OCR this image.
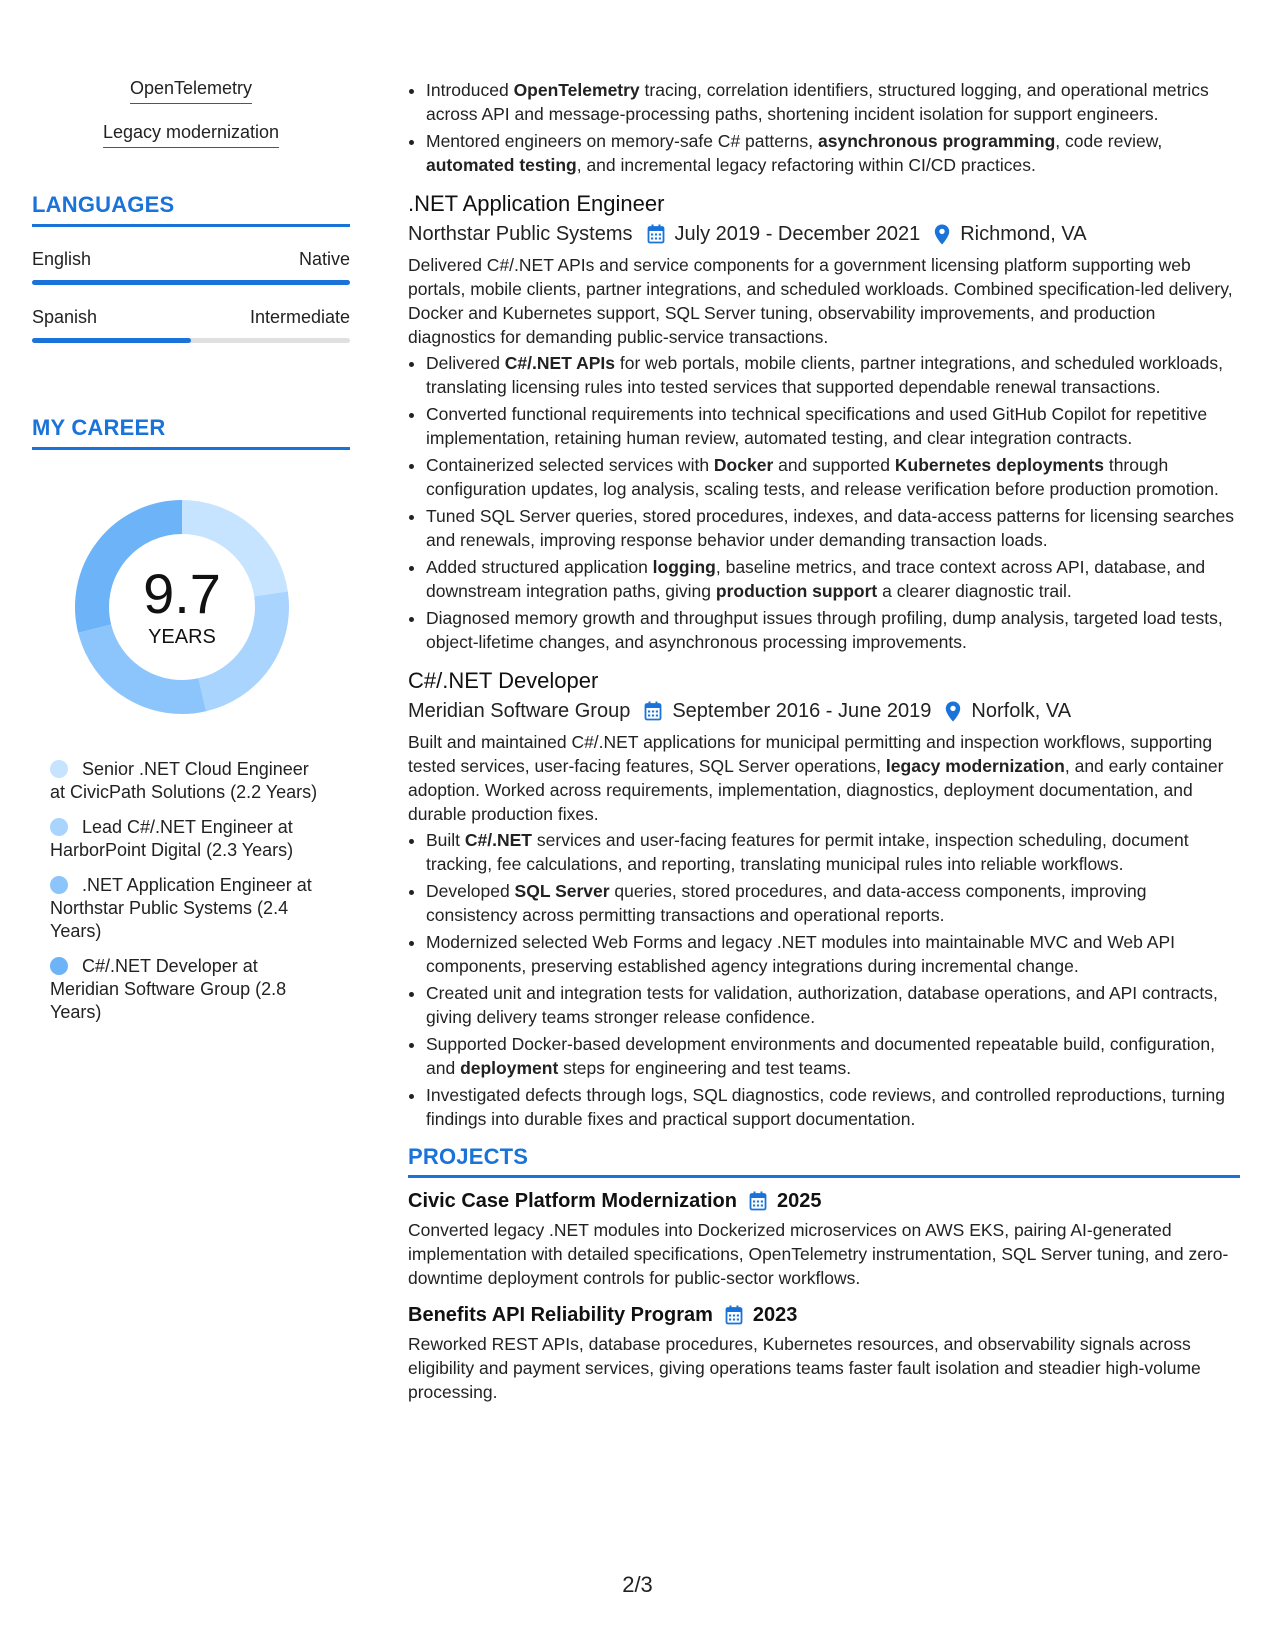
OpenTelemetry
Legacy modernization
LANGUAGES
English	Native
Spanish	Intermediate
MY CAREER
9.7
YEARS
Senior .NET Cloud Engineer at CivicPath Solutions (2.2 Years)
Lead C#/.NET Engineer at HarborPoint Digital (2.3 Years)
.NET Application Engineer at Northstar Public Systems (2.4 Years)
C#/.NET Developer at Meridian Software Group (2.8 Years)
• Introduced OpenTelemetry tracing, correlation identifiers, structured logging, and operational metrics across API and message-processing paths, shortening incident isolation for support engineers.
• Mentored engineers on memory-safe C# patterns, asynchronous programming, code review, automated testing, and incremental legacy refactoring within CI/CD practices.
.NET Application Engineer
Northstar Public Systems July 2019 - December 2021 Richmond, VA
Delivered C#/.NET APIs and service components for a government licensing platform supporting web portals, mobile clients, partner integrations, and scheduled workloads. Combined specification-led delivery, Docker and Kubernetes support, SQL Server tuning, observability improvements, and production diagnostics for demanding public-service transactions.
• Delivered C#/.NET APIs for web portals, mobile clients, partner integrations, and scheduled workloads, translating licensing rules into tested services that supported dependable renewal transactions.
• Converted functional requirements into technical specifications and used GitHub Copilot for repetitive implementation, retaining human review, automated testing, and clear integration contracts.
• Containerized selected services with Docker and supported Kubernetes deployments through configuration updates, log analysis, scaling tests, and release verification before production promotion.
• Tuned SQL Server queries, stored procedures, indexes, and data-access patterns for licensing searches and renewals, improving response behavior under demanding transaction loads.
• Added structured application logging, baseline metrics, and trace context across API, database, and downstream integration paths, giving production support a clearer diagnostic trail.
• Diagnosed memory growth and throughput issues through profiling, dump analysis, targeted load tests, object-lifetime changes, and asynchronous processing improvements.
C#/.NET Developer
Meridian Software Group September 2016 - June 2019 Norfolk, VA
Built and maintained C#/.NET applications for municipal permitting and inspection workflows, supporting tested services, user-facing features, SQL Server operations, legacy modernization, and early container adoption. Worked across requirements, implementation, diagnostics, deployment documentation, and durable production fixes.
• Built C#/.NET services and user-facing features for permit intake, inspection scheduling, document tracking, fee calculations, and reporting, translating municipal rules into reliable workflows.
• Developed SQL Server queries, stored procedures, and data-access components, improving consistency across permitting transactions and operational reports.
• Modernized selected Web Forms and legacy .NET modules into maintainable MVC and Web API components, preserving established agency integrations during incremental change.
• Created unit and integration tests for validation, authorization, database operations, and API contracts, giving delivery teams stronger release confidence.
• Supported Docker-based development environments and documented repeatable build, configuration, and deployment steps for engineering and test teams.
• Investigated defects through logs, SQL diagnostics, code reviews, and controlled reproductions, turning findings into durable fixes and practical support documentation.
PROJECTS
Civic Case Platform Modernization 2025
Converted legacy .NET modules into Dockerized microservices on AWS EKS, pairing AI-generated implementation with detailed specifications, OpenTelemetry instrumentation, SQL Server tuning, and zero-downtime deployment controls for public-sector workflows.
Benefits API Reliability Program 2023
Reworked REST APIs, database procedures, Kubernetes resources, and observability signals across eligibility and payment services, giving operations teams faster fault isolation and steadier high-volume processing.
2/3
